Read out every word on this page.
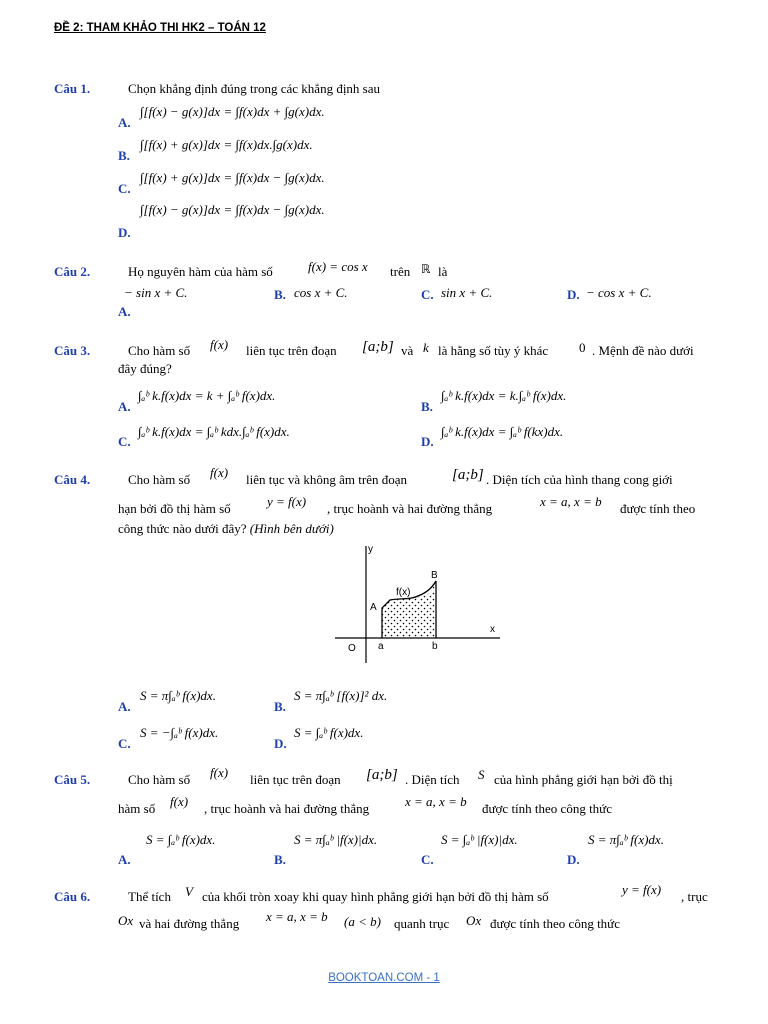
ĐỀ 2: THAM KHẢO THI HK2 – TOÁN 12
Câu 1.	Chọn khẳng định đúng trong các khẳng định sau
A.
∫[f(x) − g(x)]dx = ∫f(x)dx + ∫g(x)dx.
B.
∫[f(x) + g(x)]dx = ∫f(x)dx.∫g(x)dx.
C.
∫[f(x) + g(x)]dx = ∫f(x)dx − ∫g(x)dx.
∫[f(x) − g(x)]dx = ∫f(x)dx − ∫g(x)dx.
D.
Câu 2.	Họ nguyên hàm của hàm số	f(x) = cos x trên ℝ là
− sin x + C.
A.
B. cos x + C.	C. sin x + C.	D. − cos x + C.
Câu 3.	Cho hàm số f(x) liên tục trên đoạn [a;b] và k là hằng số tùy ý khác 0 . Mệnh đề nào dưới
đây đúng?
A.
∫ₐᵇ k.f(x)dx = k + ∫ₐᵇ f(x)dx.
B.
∫ₐᵇ k.f(x)dx = k.∫ₐᵇ f(x)dx.
C.
∫ₐᵇ k.f(x)dx = ∫ₐᵇ kdx.∫ₐᵇ f(x)dx.
D.
∫ₐᵇ k.f(x)dx = ∫ₐᵇ f(kx)dx.
Câu 4.	Cho hàm số f(x) liên tục và không âm trên đoạn	[a;b] . Diện tích của hình thang cong giới
hạn bởi đồ thị hàm số	y = f(x) , trục hoành và hai đường thẳng	x = a, x = b được tính theo
công thức nào dưới đây? (Hình bên dưới)
y
x
O a	b
A
B
f(x)
A.
S = π∫ₐᵇ f(x)dx.
B.
S = π∫ₐᵇ [f(x)]² dx.
C.
S = −∫ₐᵇ f(x)dx.
D.
S = ∫ₐᵇ f(x)dx.
Câu 5.	Cho hàm số f(x) liên tục trên đoạn [a;b] . Diện tích S của hình phẳng giới hạn bởi đồ thị
hàm số f(x) , trục hoành và hai đường thẳng	x = a, x = b được tính theo công thức
A.
S = ∫ₐᵇ f(x)dx.
B.
S = π∫ₐᵇ |f(x)|dx.
C.
S = ∫ₐᵇ |f(x)|dx.
D.
S = π∫ₐᵇ f(x)dx.
Câu 6.	Thể tích V của khối tròn xoay khi quay hình phẳng giới hạn bởi đồ thị hàm số	y = f(x) , trục
Ox và hai đường thẳng x = a, x = b (a < b) quanh trục Ox được tính theo công thức
BOOKTOAN.COM - 1
